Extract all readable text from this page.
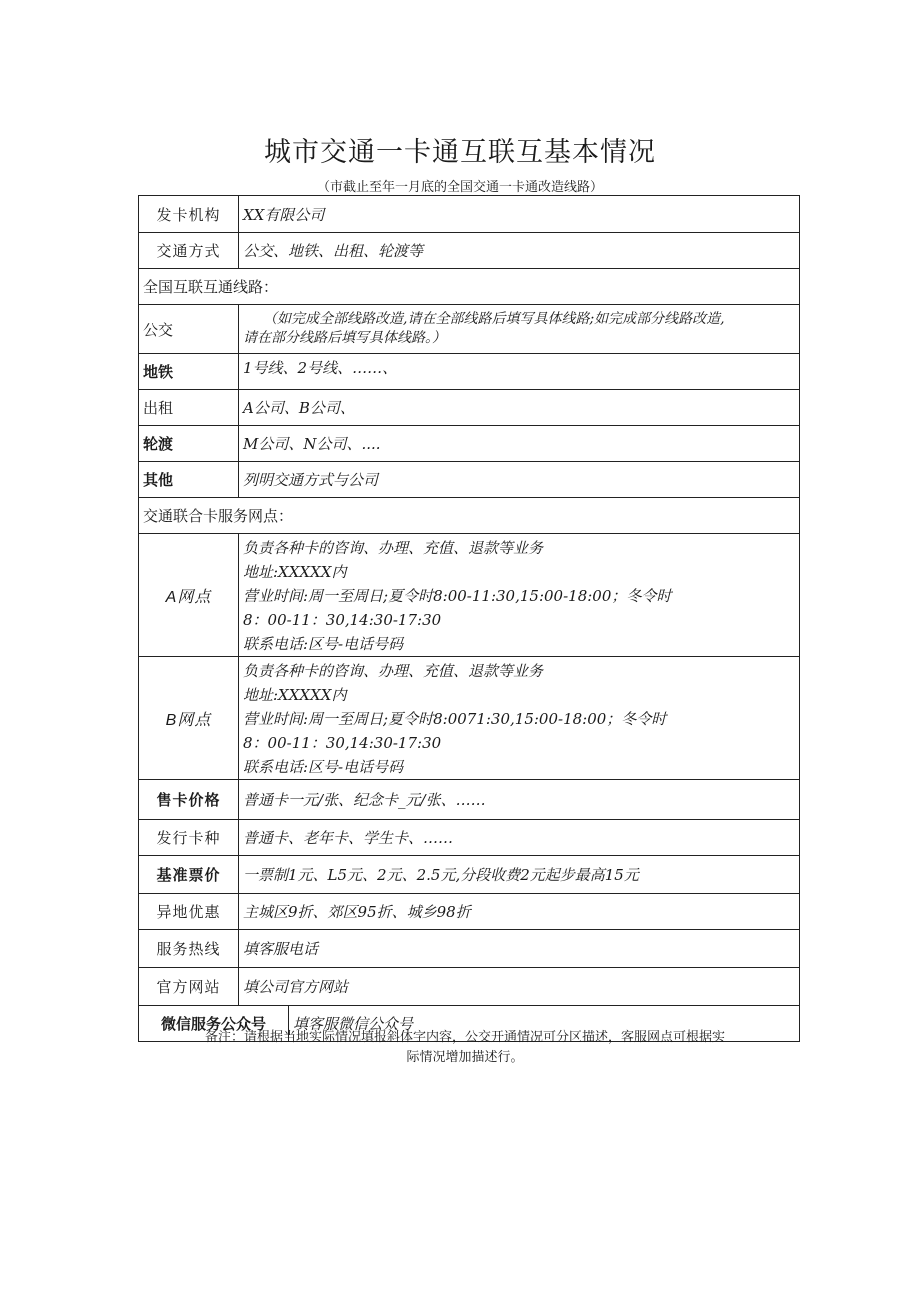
城市交通一卡通互联互基本情况
（市截止至年一月底的全国交通一卡通改造线路）
发卡机构	XX有限公司	
交通方式	公交、地铁、出租、轮渡等	
全国互联互通线路：		
公交	（如完成全部线路改造,请在全部线路后填写具体线路;如完成部分线路改造,
请在部分线路后填写具体线路。）	

地铁	1号线、2号线、……、	
出租	A公司、B公司、	
轮渡	M公司、N公司、....	
其他	列明交通方式与公司	
交通联合卡服务网点：		
A网点	负责各种卡的咨询、办理、充值、退款等业务
地址:XXXXX内
营业时间:周一至周日;夏令时8:00-11:30,15:00-18:00；冬令时
8：00-11：30,14:30-17:30
联系电话:区号-电话号码	

B网点	负责各种卡的咨询、办理、充值、退款等业务
地址:XXXXX内
营业时间:周一至周日;夏令时8:0071:30,15:00-18:00；冬令时
8：00-11：30,14:30-17:30
联系电话:区号-电话号码	

售卡价格	普通卡一元/张、纪念卡_元/张、……	
发行卡种	普通卡、老年卡、学生卡、……	
基准票价	一票制1元、L5元、2元、2.5元,分段收费2元起步最高15元	
异地优惠	主城区9折、郊区95折、城乡98折	
服务热线	填客服电话	
官方网站	填公司官方网站	
微信服务公众号		填客服微信公众号
备注：请根据当地实际情况填报斜体字内容，公交开通情况可分区描述，客服网点可根据实
际情况增加描述行。
